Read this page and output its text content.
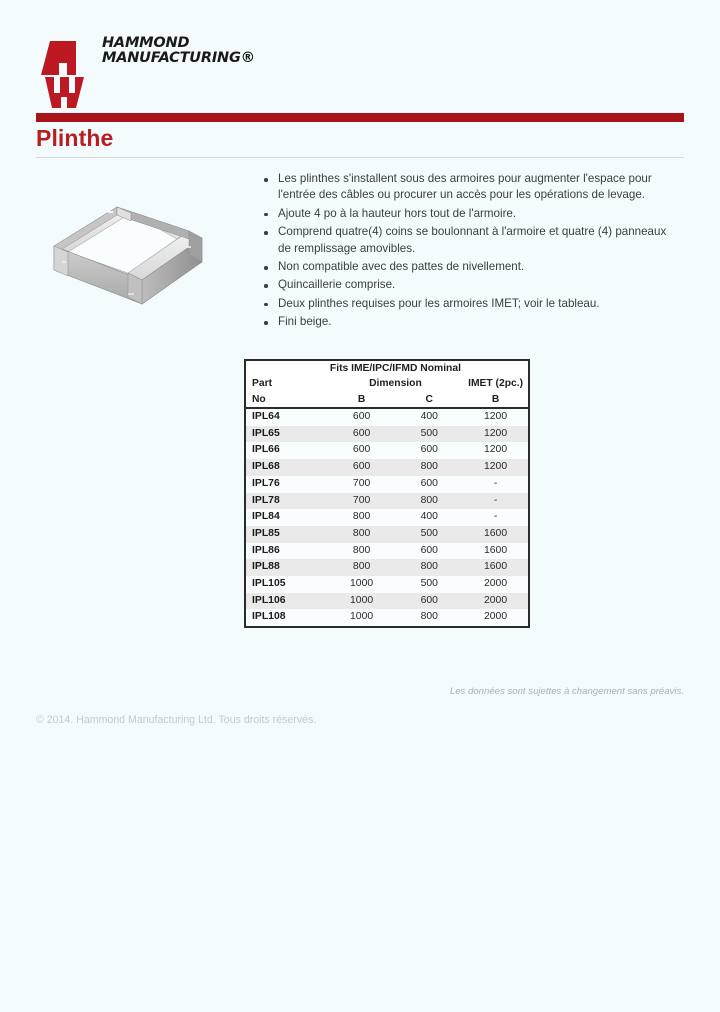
HAMMOND
MANUFACTURING®
Plinthe
Les plinthes s'installent sous des armoires pour augmenter l'espace pour l'entrée des câbles ou procurer un accès pour les opérations de levage.
Ajoute 4 po à la hauteur hors tout de l'armoire.
Comprend quatre(4) coins se boulonnant à l'armoire et quatre (4) panneaux de remplissage amovibles.
Non compatible avec des pattes de nivellement.
Quincaillerie comprise.
Deux plinthes requises pour les armoires IMET; voir le tableau.
Fini beige.
	Fits IME/IPC/IFMD Nominal		
Part	Dimension		IMET (2pc.)
No	B	C	B
IPL64	600	400	1200
IPL65	600	500	1200
IPL66	600	600	1200
IPL68	600	800	1200
IPL76	700	600	-
IPL78	700	800	-
IPL84	800	400	-
IPL85	800	500	1600
IPL86	800	600	1600
IPL88	800	800	1600
IPL105	1000	500	2000
IPL106	1000	600	2000
IPL108	1000	800	2000
Les données sont sujettes à changement sans préavis.
© 2014. Hammond Manufacturing Ltd. Tous droits réservés.
